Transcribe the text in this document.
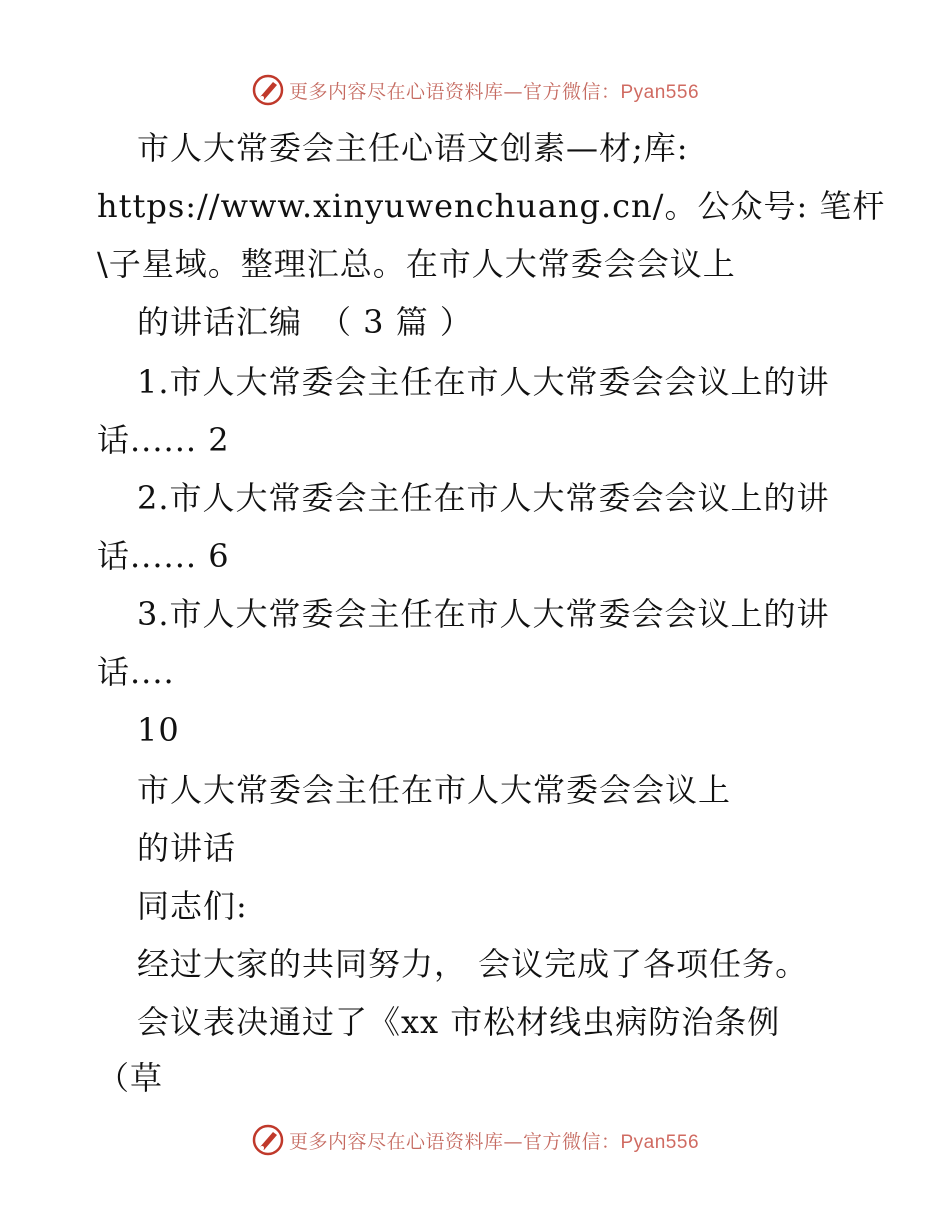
更多内容尽在心语资料库—官方微信：Pyan556
市人大常委会主任心语文创素—材;库:
https://www.xinyuwenchuang.cn/。公众号: 笔杆
\子星域。整理汇总。在市人大常委会会议上
的讲话汇编　（ 3 篇 ）
1.市人大常委会主任在市人大常委会会议上的讲
话...... 2
2.市人大常委会主任在市人大常委会会议上的讲
话...... 6
3.市人大常委会主任在市人大常委会会议上的讲
话....
10
市人大常委会主任在市人大常委会会议上
的讲话
同志们:
经过大家的共同努力， 会议完成了各项任务。
会议表决通过了《xx 市松材线虫病防治条例
（草
更多内容尽在心语资料库—官方微信：Pyan556
